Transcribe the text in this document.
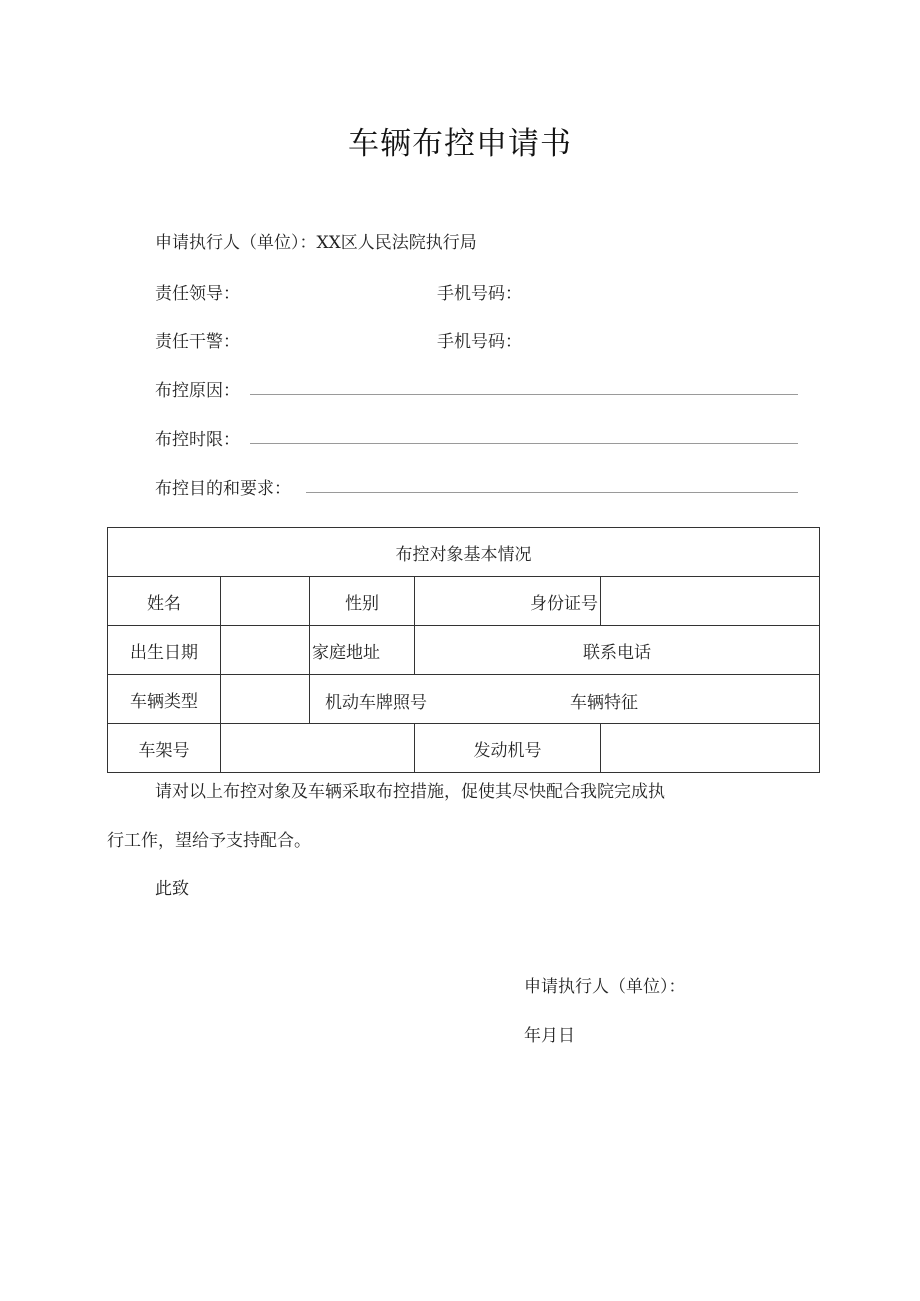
车辆布控申请书
申请执行人（单位）：XX区人民法院执行局
责任领导：	手机号码：
责任干警：	手机号码：
布控原因：
布控时限：
布控目的和要求：
布控对象基本情况				
姓名		性别	身份证号	
出生日期		家庭地址	联系电话	
车辆类型		机动车牌照号 车辆特征		

车架号			发动机号	
请对以上布控对象及车辆采取布控措施，促使其尽快配合我院完成执
行工作，望给予支持配合。
此致
申请执行人（单位）：
年月日
